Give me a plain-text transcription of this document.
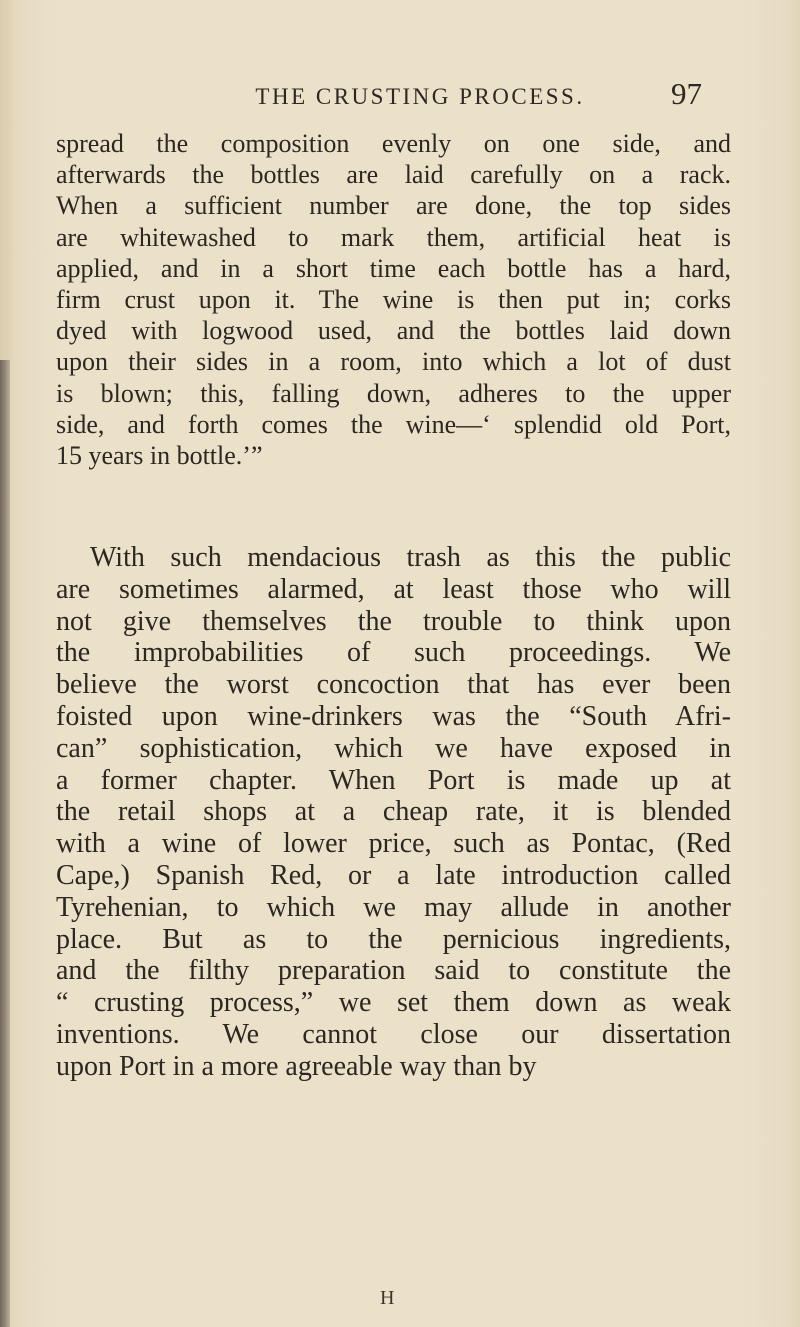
THE CRUSTING PROCESS.	97
spread the composition evenly on one side, and
afterwards the bottles are laid carefully on a rack.
When a sufficient number are done, the top sides
are whitewashed to mark them, artificial heat is
applied, and in a short time each bottle has a hard,
firm crust upon it. The wine is then put in; corks
dyed with logwood used, and the bottles laid down
upon their sides in a room, into which a lot of dust
is blown; this, falling down, adheres to the upper
side, and forth comes the wine—‘ splendid old Port,
15 years in bottle.’”
With such mendacious trash as this the public
are sometimes alarmed, at least those who will
not give themselves the trouble to think upon
the improbabilities of such proceedings. We
believe the worst concoction that has ever been
foisted upon wine-drinkers was the “South Afri-
can” sophistication, which we have exposed in
a former chapter. When Port is made up at
the retail shops at a cheap rate, it is blended
with a wine of lower price, such as Pontac, (Red
Cape,) Spanish Red, or a late introduction called
Tyrehenian, to which we may allude in another
place. But as to the pernicious ingredients,
and the filthy preparation said to constitute the
“ crusting process,” we set them down as weak
inventions. We cannot close our dissertation
upon Port in a more agreeable way than by
H
